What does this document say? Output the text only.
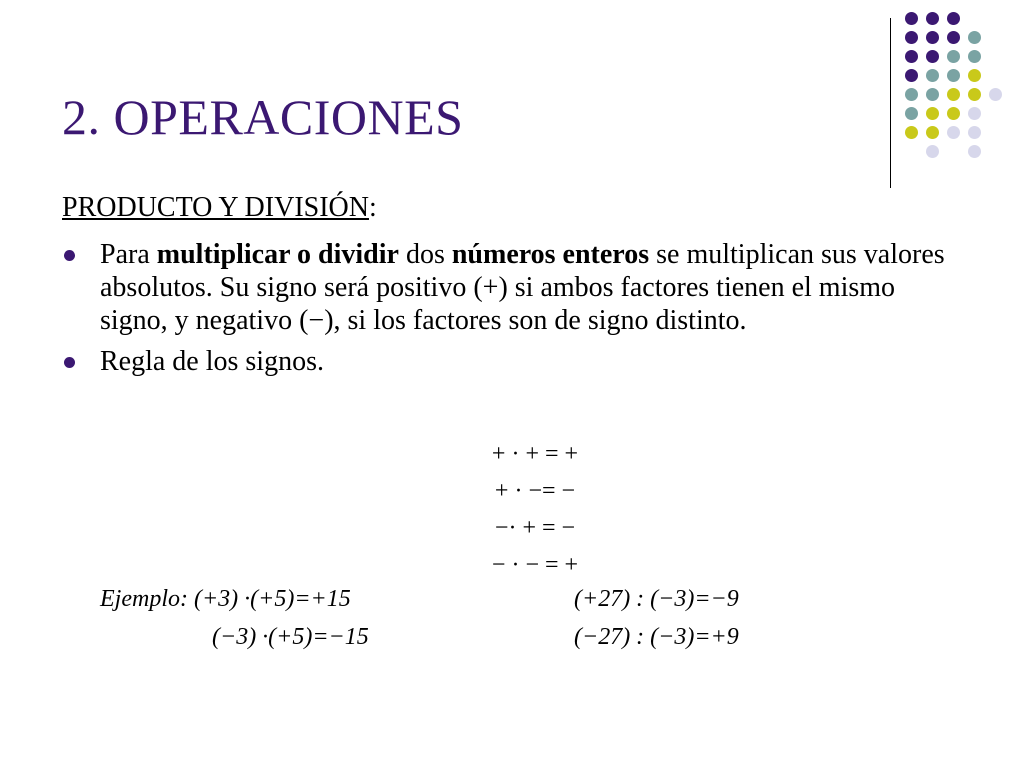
2. OPERACIONES

PRODUCTO Y DIVISIÓN:

Para multiplicar o dividir dos números enteros se multiplican sus valores absolutos. Su signo será positivo (+) si ambos factores tienen el mismo signo, y negativo (−), si los factores son de signo distinto.
Regla de los signos.
+ · + = +
+ · −= −
−· + = −
− · − = +
Ejemplo: (+3) ·(+5)=+15	(+27) : (−3)=−9
(−3) ·(+5)=−15	(−27) : (−3)=+9
